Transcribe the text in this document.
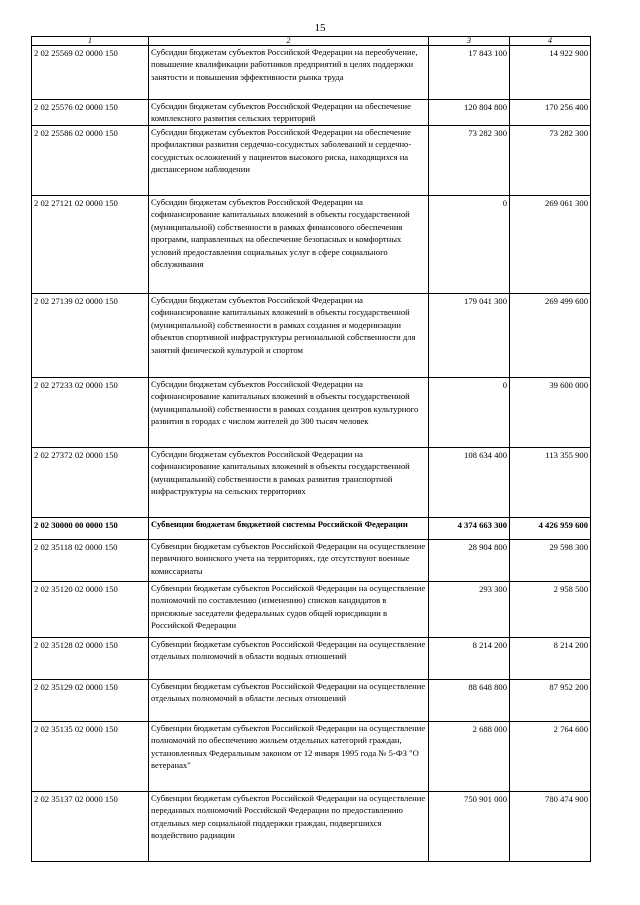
15
1	2	3	4
2 02 25569 02 0000 150	Субсидии бюджетам субъектов Российской Федерации на переобучение, повышение квалификации работников предприятий в целях поддержки занятости и повышения эффективности рынка труда	17 843 100	14 922 900
2 02 25576 02 0000 150	Субсидии бюджетам субъектов Российской Федерации на обеспечение комплексного развития сельских территорий	120 804 800	170 256 400
2 02 25586 02 0000 150	Субсидии бюджетам субъектов Российской Федерации на обеспечение профилактики развития сердечно-сосудистых заболеваний и сердечно-сосудистых осложнений у пациентов высокого риска, находящихся на диспансерном наблюдении	73 282 300	73 282 300
2 02 27121 02 0000 150	Субсидии бюджетам субъектов Российской Федерации на софинансирование капитальных вложений в объекты государственной (муниципальной) собственности в рамках финансового обеспечения программ, направленных на обеспечение безопасных и комфортных условий предоставления социальных услуг в сфере социального обслуживания	0	269 061 300
2 02 27139 02 0000 150	Субсидии бюджетам субъектов Российской Федерации на софинансирование капитальных вложений в объекты государственной (муниципальной) собственности в рамках создания и модернизации объектов спортивной инфраструктуры региональной собственности для занятий физической культурой и спортом	179 041 300	269 499 600
2 02 27233 02 0000 150	Субсидии бюджетам субъектов Российской Федерации на софинансирование капитальных вложений в объекты государственной (муниципальной) собственности в рамках создания центров культурного развития в городах с числом жителей до 300 тысяч человек	0	39 600 000
2 02 27372 02 0000 150	Субсидии бюджетам субъектов Российской Федерации на софинансирование капитальных вложений в объекты государственной (муниципальной) собственности в рамках развития транспортной инфраструктуры на сельских территориях	108 634 400	113 355 900
2 02 30000 00 0000 150	Субвенции бюджетам бюджетной системы Российской Федерации	4 374 663 300	4 426 959 600
2 02 35118 02 0000 150	Субвенции бюджетам субъектов Российской Федерации на осуществление первичного воинского учета на территориях, где отсутствуют военные комиссариаты	28 904 800	29 598 300
2 02 35120 02 0000 150	Субвенции бюджетам субъектов Российской Федерации на осуществление полномочий по составлению (изменению) списков кандидатов в присяжные заседатели федеральных судов общей юрисдикции в Российской Федерации	293 300	2 958 500
2 02 35128 02 0000 150	Субвенции бюджетам субъектов Российской Федерации на осуществление отдельных полномочий в области водных отношений	8 214 200	8 214 200
2 02 35129 02 0000 150	Субвенции бюджетам субъектов Российской Федерации на осуществление отдельных полномочий в области лесных отношений	88 648 800	87 952 200
2 02 35135 02 0000 150	Субвенции бюджетам субъектов Российской Федерации на осуществление полномочий по обеспечению жильем отдельных категорий граждан, установленных Федеральным законом от 12 января 1995 года № 5-ФЗ "О ветеранах"	2 688 000	2 764 600
2 02 35137 02 0000 150	Субвенции бюджетам субъектов Российской Федерации на осуществление переданных полномочий Российской Федерации по предоставлению отдельных мер социальной поддержки граждан, подвергшихся воздействию радиации	750 901 000	780 474 900
